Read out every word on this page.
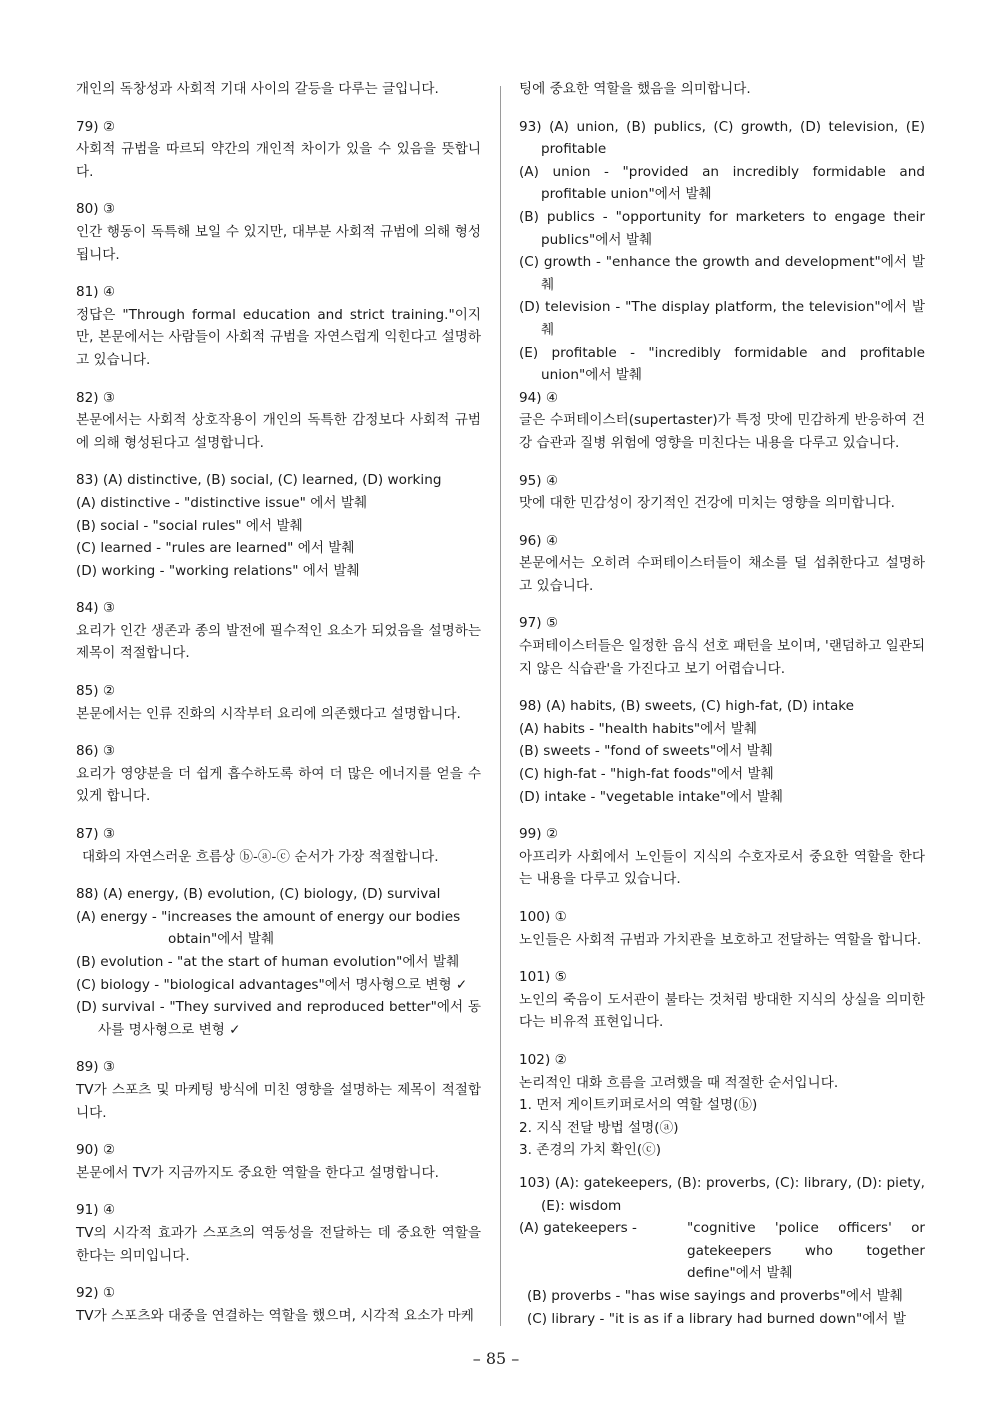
개인의 독창성과 사회적 기대 사이의 갈등을 다루는 글입니다.

79) ②

사회적 규범을 따르되 약간의 개인적 차이가 있을 수 있음을 뜻합니다.

80) ③

인간 행동이 독특해 보일 수 있지만, 대부분 사회적 규범에 의해 형성됩니다.

81) ④

정답은 "Through formal education and strict training."이지만, 본문에서는 사람들이 사회적 규범을 자연스럽게 익힌다고 설명하고 있습니다.

82) ③

본문에서는 사회적 상호작용이 개인의 독특한 감정보다 사회적 규범에 의해 형성된다고 설명합니다.

83) (A) distinctive, (B) social, (C) learned, (D) working

(A) distinctive - "distinctive issue" 에서 발췌

(B) social - "social rules" 에서 발췌

(C) learned - "rules are learned" 에서 발췌

(D) working - "working relations" 에서 발췌

84) ③

요리가 인간 생존과 종의 발전에 필수적인 요소가 되었음을 설명하는 제목이 적절합니다.

85) ②

본문에서는 인류 진화의 시작부터 요리에 의존했다고 설명합니다.

86) ③

요리가 영양분을 더 쉽게 흡수하도록 하여 더 많은 에너지를 얻을 수 있게 합니다.

87) ③

대화의 자연스러운 흐름상 ⓑ-ⓐ-ⓒ 순서가 가장 적절합니다.

88) (A) energy, (B) evolution, (C) biology, (D) survival

(A) energy - "increases the amount of energy our bodies

obtain"에서 발췌

(B) evolution - "at the start of human evolution"에서 발췌

(C) biology - "biological advantages"에서 명사형으로 변형 ✓

(D) survival - "They survived and reproduced better"에서 동사를 명사형으로 변형 ✓

89) ③

TV가 스포츠 및 마케팅 방식에 미친 영향을 설명하는 제목이 적절합니다.

90) ②

본문에서 TV가 지금까지도 중요한 역할을 한다고 설명합니다.

91) ④

TV의 시각적 효과가 스포츠의 역동성을 전달하는 데 중요한 역할을 한다는 의미입니다.

92) ①

TV가 스포츠와 대중을 연결하는 역할을 했으며, 시각적 요소가 마케

팅에 중요한 역할을 했음을 의미합니다.

93) (A) union, (B) publics, (C) growth, (D) television, (E) profitable

(A) union - "provided an incredibly formidable and profitable union"에서 발췌

(B) publics - "opportunity for marketers to engage their publics"에서 발췌

(C) growth - "enhance the growth and development"에서 발췌

(D) television - "The display platform, the television"에서 발췌

(E) profitable - "incredibly formidable and profitable union"에서 발췌

94) ④

글은 수퍼테이스터(supertaster)가 특정 맛에 민감하게 반응하여 건강 습관과 질병 위험에 영향을 미친다는 내용을 다루고 있습니다.

95) ④

맛에 대한 민감성이 장기적인 건강에 미치는 영향을 의미합니다.

96) ④

본문에서는 오히려 수퍼테이스터들이 채소를 덜 섭취한다고 설명하고 있습니다.

97) ⑤

수퍼테이스터들은 일정한 음식 선호 패턴을 보이며, '랜덤하고 일관되지 않은 식습관'을 가진다고 보기 어렵습니다.

98) (A) habits, (B) sweets, (C) high-fat, (D) intake

(A) habits - "health habits"에서 발췌

(B) sweets - "fond of sweets"에서 발췌

(C) high-fat - "high-fat foods"에서 발췌

(D) intake - "vegetable intake"에서 발췌

99) ②

아프리카 사회에서 노인들이 지식의 수호자로서 중요한 역할을 한다는 내용을 다루고 있습니다.

100) ①

노인들은 사회적 규범과 가치관을 보호하고 전달하는 역할을 합니다.

101) ⑤

노인의 죽음이 도서관이 불타는 것처럼 방대한 지식의 상실을 의미한다는 비유적 표현입니다.

102) ②

논리적인 대화 흐름을 고려했을 때 적절한 순서입니다.

1. 먼저 게이트키퍼로서의 역할 설명(ⓑ)

2. 지식 전달 방법 설명(ⓐ)

3. 존경의 가치 확인(ⓒ)

103) (A): gatekeepers, (B): proverbs, (C): library, (D): piety, (E): wisdom

(A) gatekeepers -	"cognitive 'police officers' or gatekeepers who together define"에서 발췌

(B) proverbs - "has wise sayings and proverbs"에서 발췌

(C) library - "it is as if a library had burned down"에서 발

– 85 –
